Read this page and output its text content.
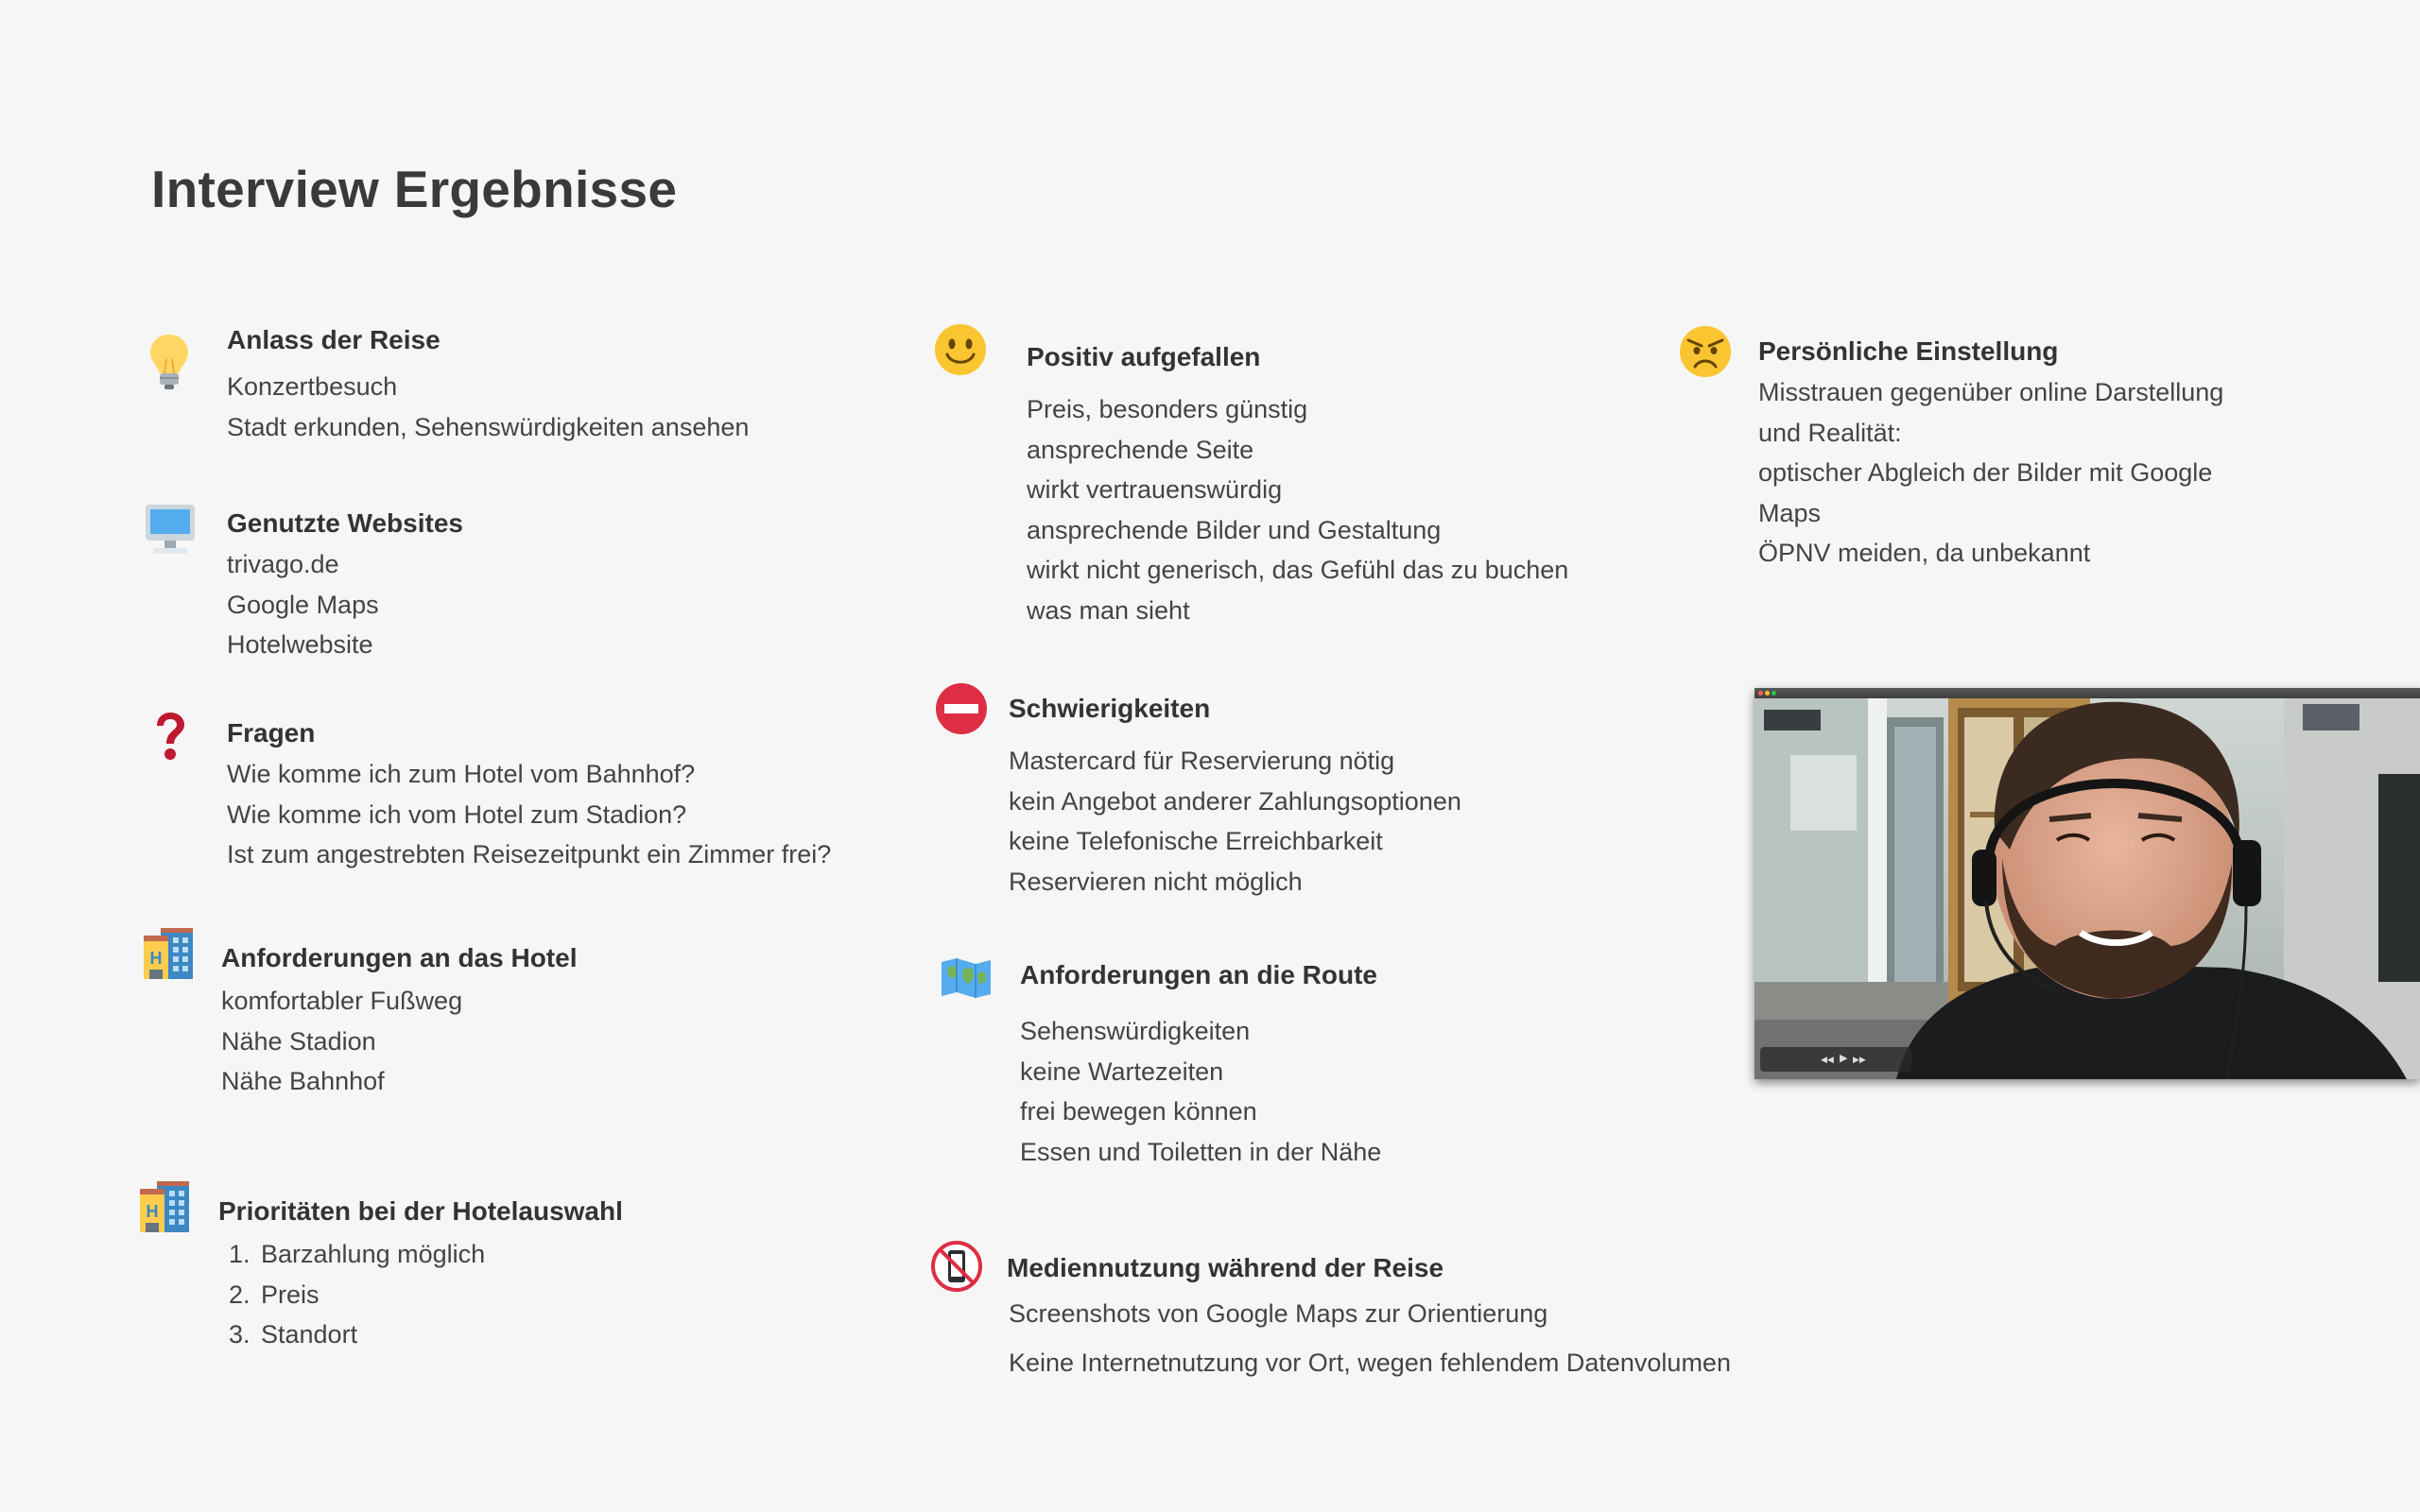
Interview Ergebnisse
Anlass der Reise
Konzertbesuch
Stadt erkunden, Sehenswürdigkeiten ansehen
Genutzte Websites
trivago.de
Google Maps
Hotelwebsite
Fragen
Wie komme ich zum Hotel vom Bahnhof?
Wie komme ich vom Hotel zum Stadion?
Ist zum angestrebten Reisezeitpunkt ein Zimmer frei?
H Anforderungen an das Hotel
komfortabler Fußweg
Nähe Stadion
Nähe Bahnhof
H Prioritäten bei der Hotelauswahl
1. Barzahlung möglich
2. Preis
3. Standort
Positiv aufgefallen
Preis, besonders günstig
ansprechende Seite
wirkt vertrauenswürdig
ansprechende Bilder und Gestaltung
wirkt nicht generisch, das Gefühl das zu buchen
was man sieht
Schwierigkeiten
Mastercard für Reservierung nötig
kein Angebot anderer Zahlungsoptionen
keine Telefonische Erreichbarkeit
Reservieren nicht möglich
Anforderungen an die Route
Sehenswürdigkeiten
keine Wartezeiten
frei bewegen können
Essen und Toiletten in der Nähe
Mediennutzung während der Reise
Screenshots von Google Maps zur Orientierung
Keine Internetnutzung vor Ort, wegen fehlendem Datenvolumen
Persönliche Einstellung
Misstrauen gegenüber online Darstellung
und Realität:
optischer Abgleich der Bilder mit Google
Maps
ÖPNV meiden, da unbekannt
◀◀ ▶ ▶▶
